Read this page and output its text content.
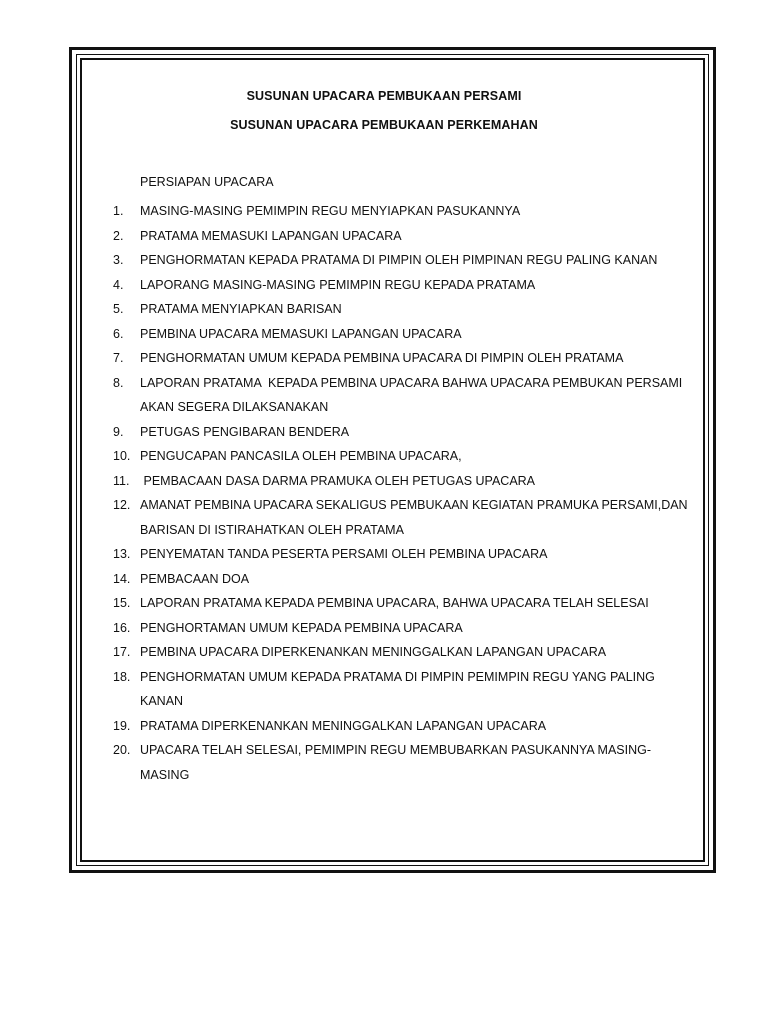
SUSUNAN UPACARA PEMBUKAAN PERSAMI
SUSUNAN UPACARA PEMBUKAAN PERKEMAHAN
PERSIAPAN UPACARA
1.	MASING-MASING PEMIMPIN REGU MENYIAPKAN PASUKANNYA
2.	PRATAMA MEMASUKI LAPANGAN UPACARA
3.	PENGHORMATAN KEPADA PRATAMA DI PIMPIN OLEH PIMPINAN REGU PALING KANAN
4.	LAPORANG MASING-MASING PEMIMPIN REGU KEPADA PRATAMA
5.	PRATAMA MENYIAPKAN BARISAN
6.	PEMBINA UPACARA MEMASUKI LAPANGAN UPACARA
7.	PENGHORMATAN UMUM KEPADA PEMBINA UPACARA DI PIMPIN OLEH PRATAMA
8.	LAPORAN PRATAMA  KEPADA PEMBINA UPACARA BAHWA UPACARA PEMBUKAN PERSAMI AKAN SEGERA DILAKSANAKAN
9.	PETUGAS PENGIBARAN BENDERA
10. PENGUCAPAN PANCASILA OLEH PEMBINA UPACARA,
11. PEMBACAAN DASA DARMA PRAMUKA OLEH PETUGAS UPACARA
12. AMANAT PEMBINA UPACARA SEKALIGUS PEMBUKAAN KEGIATAN PRAMUKA PERSAMI,DAN BARISAN DI ISTIRAHATKAN OLEH PRATAMA
13. PENYEMATAN TANDA PESERTA PERSAMI OLEH PEMBINA UPACARA
14. PEMBACAAN DOA
15. LAPORAN PRATAMA KEPADA PEMBINA UPACARA, BAHWA UPACARA TELAH SELESAI
16. PENGHORTAMAN UMUM KEPADA PEMBINA UPACARA
17. PEMBINA UPACARA DIPERKENANKAN MENINGGALKAN LAPANGAN UPACARA
18. PENGHORMATAN UMUM KEPADA PRATAMA DI PIMPIN PEMIMPIN REGU YANG PALING KANAN
19. PRATAMA DIPERKENANKAN MENINGGALKAN LAPANGAN UPACARA
20. UPACARA TELAH SELESAI, PEMIMPIN REGU MEMBUBARKAN PASUKANNYA MASING-MASING
